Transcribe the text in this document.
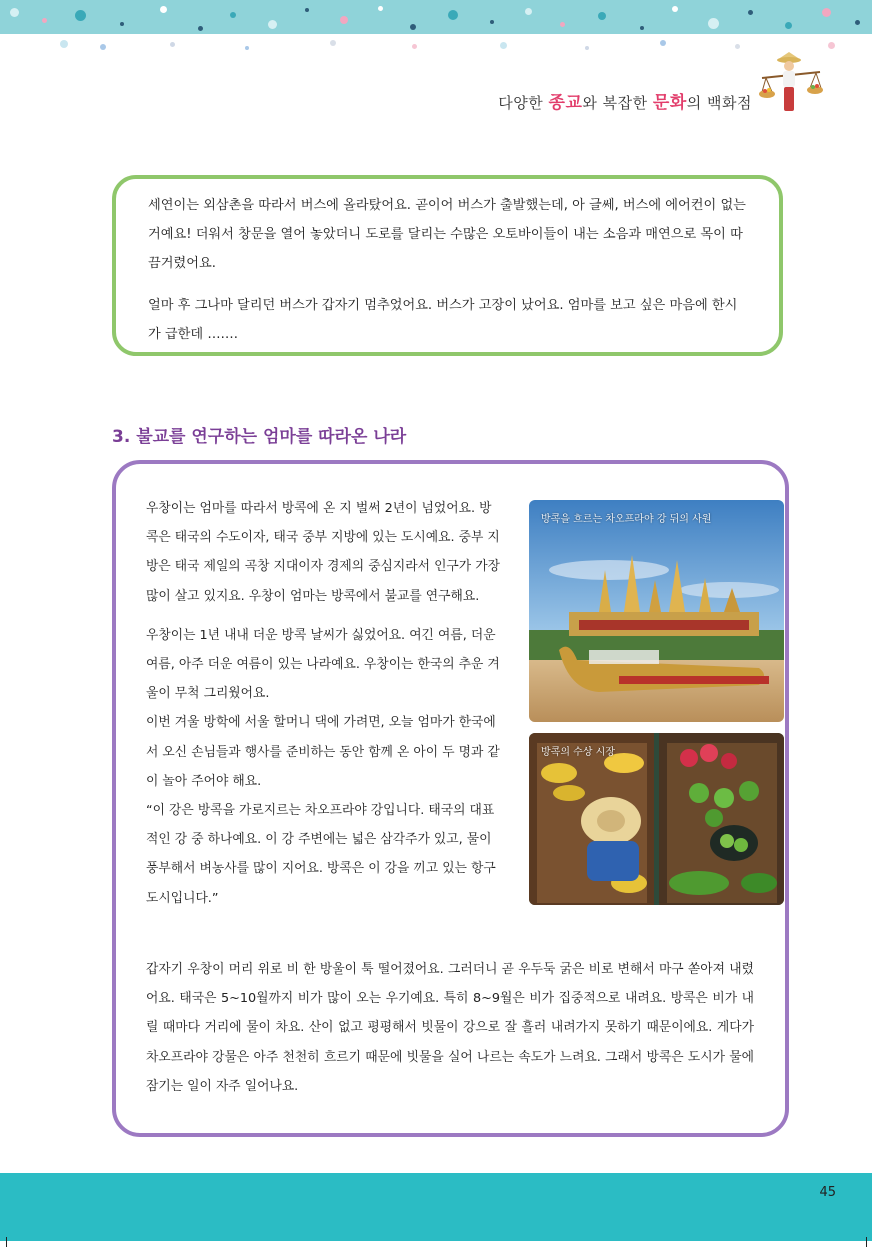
다양한 종교와 복잡한 문화의 백화점

세연이는 외삼촌을 따라서 버스에 올라탔어요. 곧이어 버스가 출발했는데, 아 글쎄, 버스에 에어컨이 없는 거예요! 더워서 창문을 열어 놓았더니 도로를 달리는 수많은 오토바이들이 내는 소음과 매연으로 목이 따끔거렸어요.

얼마 후 그나마 달리던 버스가 갑자기 멈추었어요. 버스가 고장이 났어요. 엄마를 보고 싶은 마음에 한시가 급한데 …….

3. 불교를 연구하는 엄마를 따라온 나라

우창이는 엄마를 따라서 방콕에 온 지 벌써 2년이 넘었어요. 방콕은 태국의 수도이자, 태국 중부 지방에 있는 도시예요. 중부 지방은 태국 제일의 곡창 지대이자 경제의 중심지라서 인구가 가장 많이 살고 있지요. 우창이 엄마는 방콕에서 불교를 연구해요.

우창이는 1년 내내 더운 방콕 날씨가 싫었어요. 여긴 여름, 더운 여름, 아주 더운 여름이 있는 나라예요. 우창이는 한국의 추운 겨울이 무척 그리웠어요.

이번 겨울 방학에 서울 할머니 댁에 가려면, 오늘 엄마가 한국에서 오신 손님들과 행사를 준비하는 동안 함께 온 아이 두 명과 같이 놀아 주어야 해요.

“이 강은 방콕을 가로지르는 차오프라야 강입니다. 태국의 대표적인 강 중 하나예요. 이 강 주변에는 넓은 삼각주가 있고, 물이 풍부해서 벼농사를 많이 지어요. 방콕은 이 강을 끼고 있는 항구 도시입니다.”

갑자기 우창이 머리 위로 비 한 방울이 툭 떨어졌어요. 그러더니 곧 우두둑 굵은 비로 변해서 마구 쏟아져 내렸어요. 태국은 5~10월까지 비가 많이 오는 우기예요. 특히 8~9월은 비가 집중적으로 내려요. 방콕은 비가 내릴 때마다 거리에 물이 차요. 산이 없고 평평해서 빗물이 강으로 잘 흘러 내려가지 못하기 때문이에요. 게다가 차오프라야 강물은 아주 천천히 흐르기 때문에 빗물을 실어 나르는 속도가 느려요. 그래서 방콕은 도시가 물에 잠기는 일이 자주 일어나요.

방콕을 흐르는 차오프라야 강 뒤의 사원
방콕의 수상 시장
45
